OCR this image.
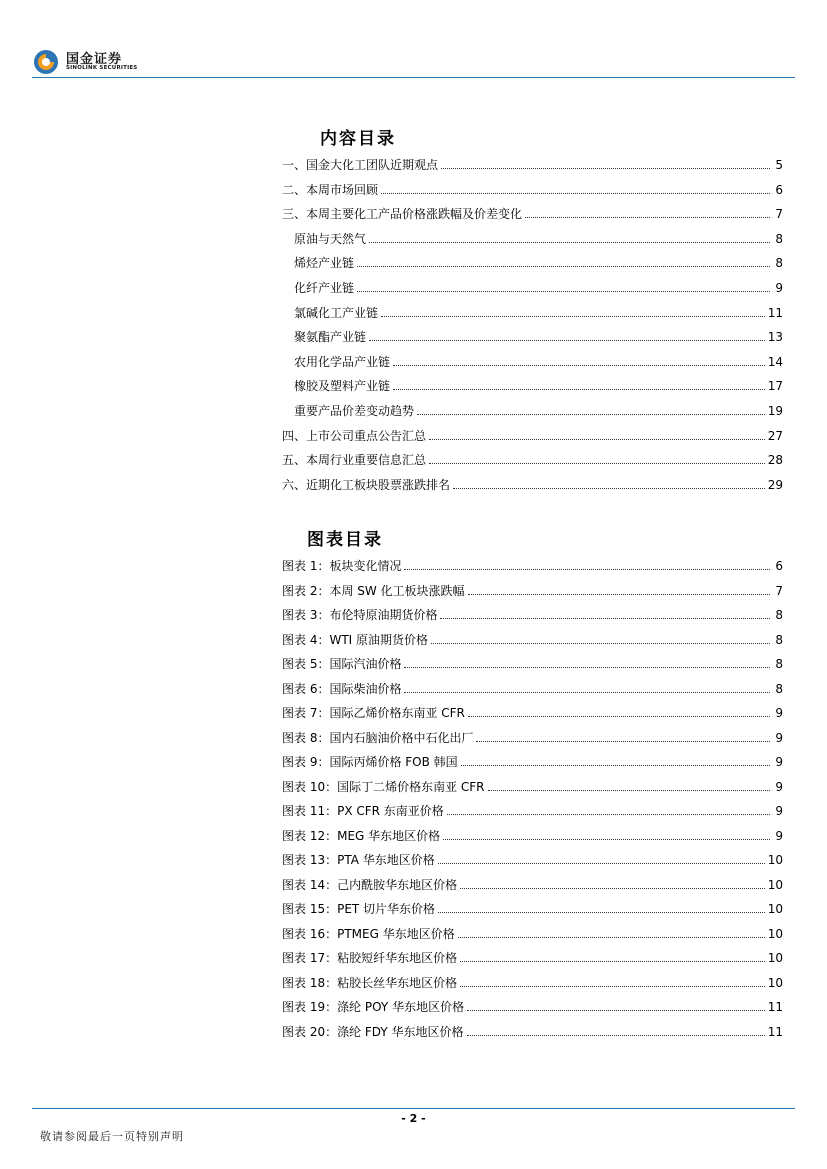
国金证券
SINOLINK SECURITIES
内容目录
一、国金大化工团队近期观点	5
二、本周市场回顾	6
三、本周主要化工产品价格涨跌幅及价差变化	7
原油与天然气	8
烯烃产业链	8
化纤产业链	9
氯碱化工产业链	11
聚氨酯产业链	13
农用化学品产业链	14
橡胶及塑料产业链	17
重要产品价差变动趋势	19
四、上市公司重点公告汇总	27
五、本周行业重要信息汇总	28
六、近期化工板块股票涨跌排名	29
图表目录
图表 1：板块变化情况	6
图表 2：本周 SW 化工板块涨跌幅	7
图表 3：布伦特原油期货价格	8
图表 4：WTI 原油期货价格	8
图表 5：国际汽油价格	8
图表 6：国际柴油价格	8
图表 7：国际乙烯价格东南亚 CFR	9
图表 8：国内石脑油价格中石化出厂	9
图表 9：国际丙烯价格 FOB 韩国	9
图表 10：国际丁二烯价格东南亚 CFR	9
图表 11：PX CFR 东南亚价格	9
图表 12：MEG 华东地区价格	9
图表 13：PTA 华东地区价格	10
图表 14：己内酰胺华东地区价格	10
图表 15：PET 切片华东价格	10
图表 16：PTMEG 华东地区价格	10
图表 17：粘胶短纤华东地区价格	10
图表 18：粘胶长丝华东地区价格	10
图表 19：涤纶 POY 华东地区价格	11
图表 20：涤纶 FDY 华东地区价格	11
- 2 -
敬请参阅最后一页特别声明
